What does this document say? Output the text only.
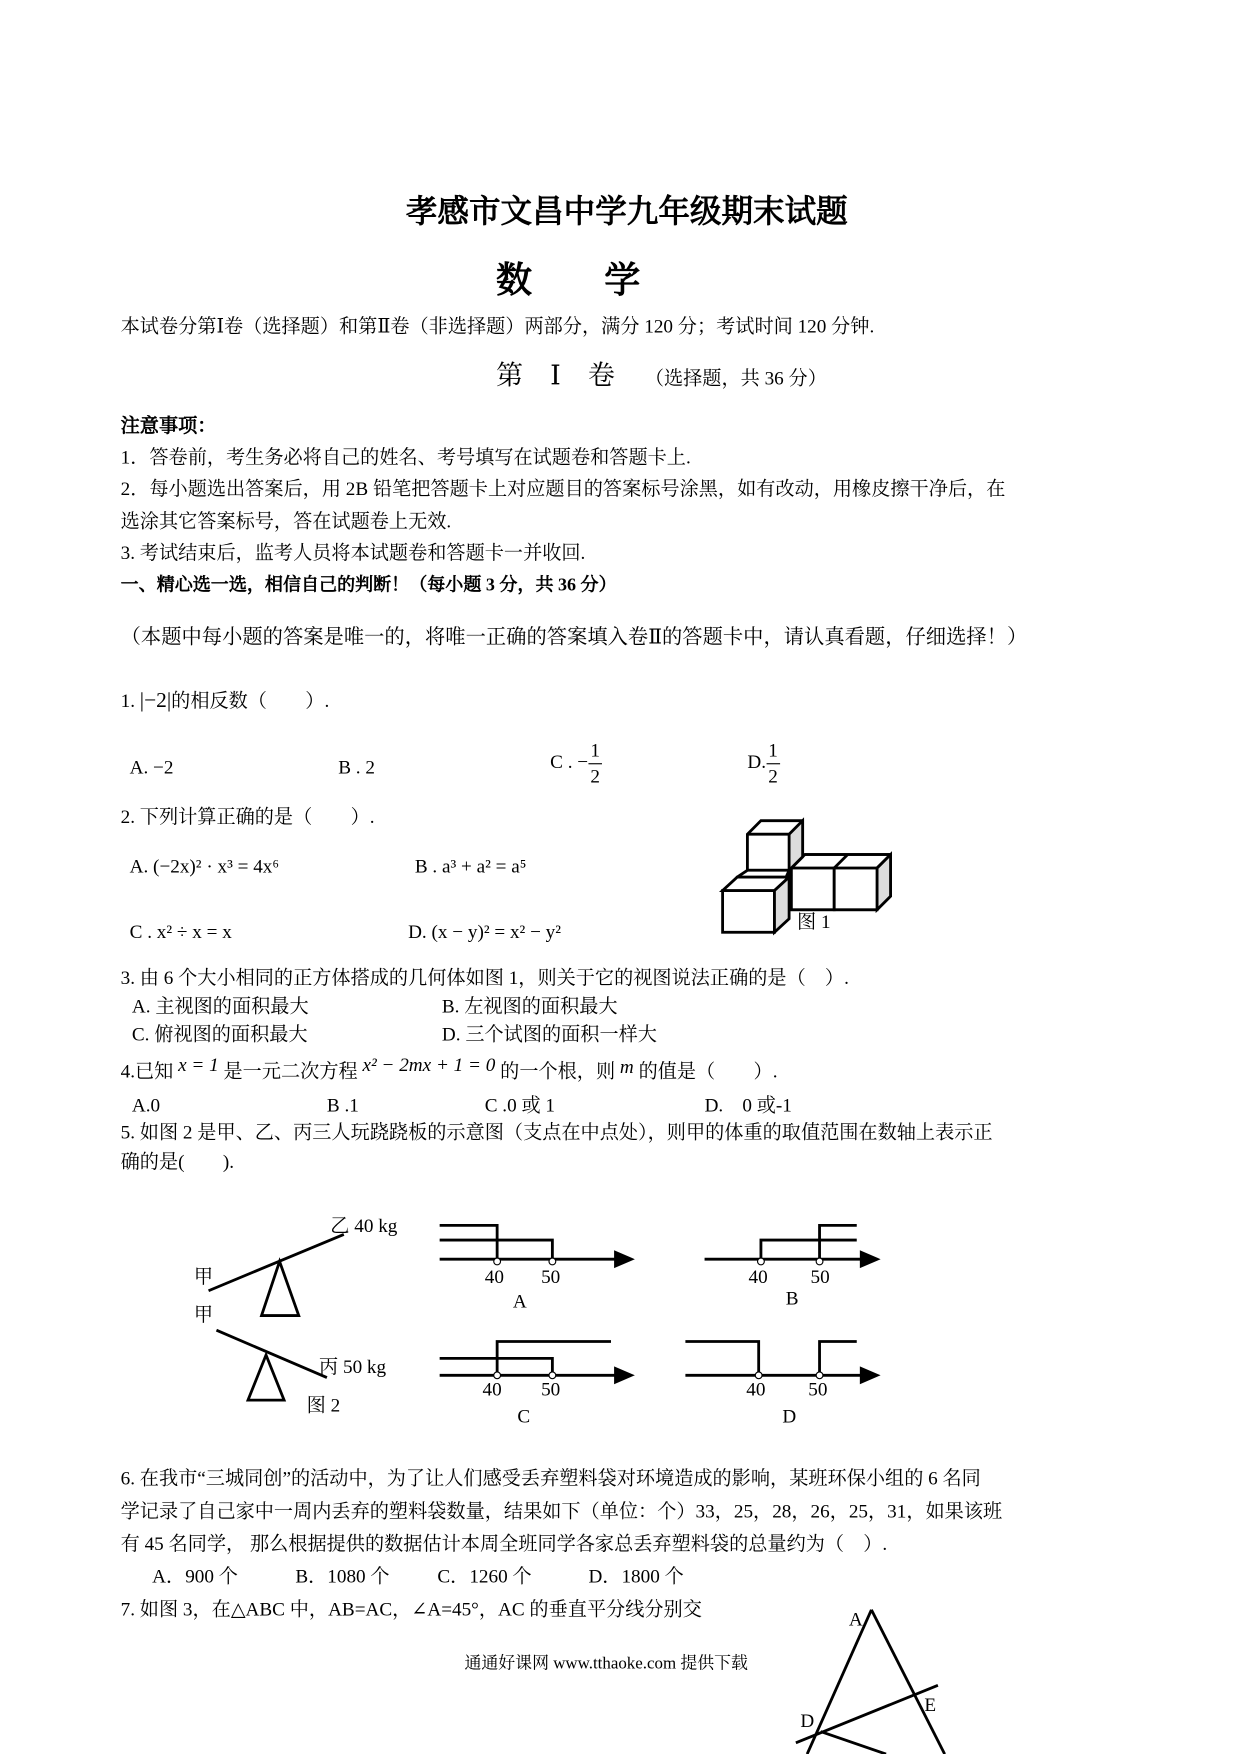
孝感市文昌中学九年级期末试题
数　　学
本试卷分第Ⅰ卷（选择题）和第Ⅱ卷（非选择题）两部分，满分 120 分；考试时间 120 分钟.
第　Ⅰ　卷 （选择题，共 36 分）
注意事项：
1．答卷前，考生务必将自己的姓名、考号填写在试题卷和答题卡上.
2．每小题选出答案后，用 2B 铅笔把答题卡上对应题目的答案标号涂黑，如有改动，用橡皮擦干净后，在
选涂其它答案标号，答在试题卷上无效.
3. 考试结束后，监考人员将本试题卷和答题卡一并收回.
一、精心选一选，相信自己的判断！（每小题 3 分，共 36 分）
（本题中每小题的答案是唯一的，将唯一正确的答案填入卷Ⅱ的答题卡中，请认真看题，仔细选择！）
1. |−2|的相反数（　　）.
A. −2	B . 2	C . − $\frac{1}{2}$	D. $\frac{1}{2}$
2. 下列计算正确的是（　　）.
A. (−2x)² · x³ = 4x⁶	B . a³ + a² = a⁵
C . x² ÷ x = x	D. (x − y)² = x² − y²	图 1
3. 由 6 个大小相同的正方体搭成的几何体如图 1，则关于它的视图说法正确的是（　）.
A. 主视图的面积最大	B. 左视图的面积最大
C. 俯视图的面积最大	D. 三个试图的面积一样大
4.已知 x = 1 是一元二次方程 x² − 2mx + 1 = 0 的一个根，则 m 的值是（　　）.
A.0	B .1	C .0 或 1	D.　0 或-1
5. 如图 2 是甲、乙、丙三人玩跷跷板的示意图（支点在中点处），则甲的体重的取值范围在数轴上表示正
确的是(　　).
甲
乙 40 kg
甲
丙 50 kg
图 2
40 50
A
40	50
B
40 50
C
40	50
D
6. 在我市“三城同创”的活动中，为了让人们感受丢弃塑料袋对环境造成的影响，某班环保小组的 6 名同
学记录了自己家中一周内丢弃的塑料袋数量，结果如下（单位：个）33，25，28，26，25，31，如果该班
有 45 名同学， 那么根据提供的数据估计本周全班同学各家总丢弃塑料袋的总量约为（　）.
A．900 个	B．1080 个	C．1260 个	D．1800 个
7. 如图 3，在△ABC 中，AB=AC，∠A=45°，AC 的垂直平分线分别交	A
D
E
通通好课网 www.tthaoke.com 提供下载
